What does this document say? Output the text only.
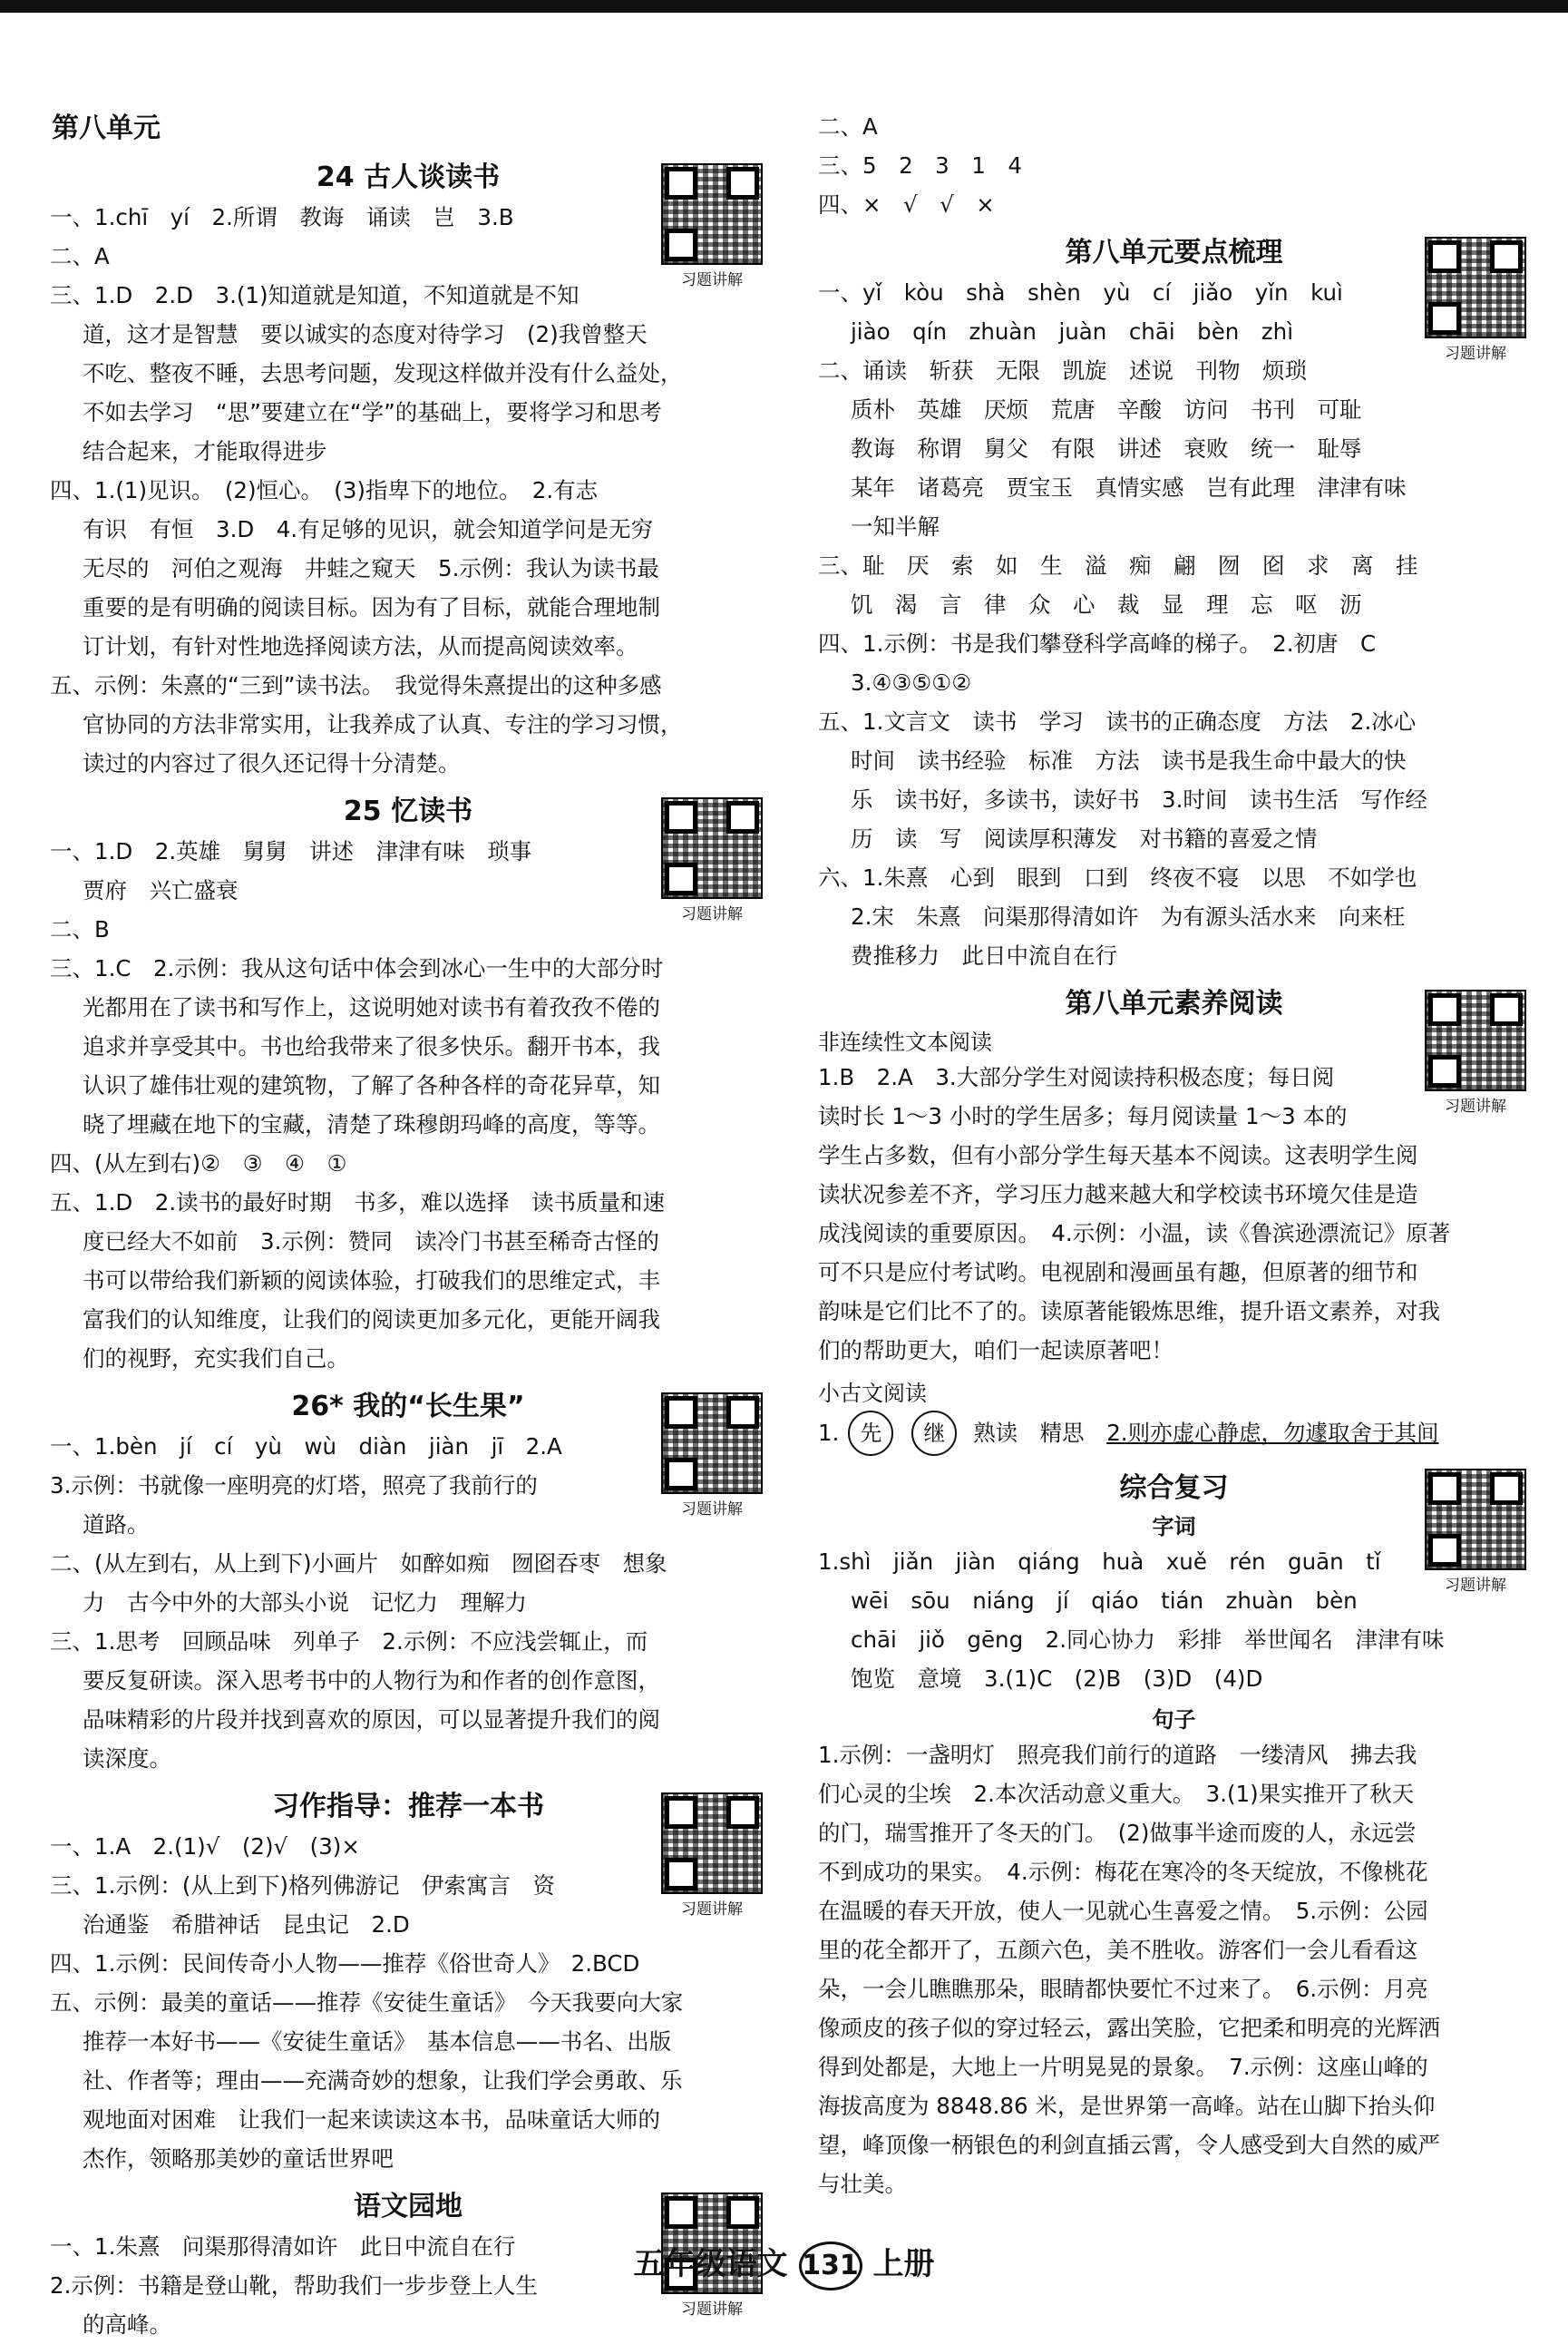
第八单元
24 古人谈读书
习题讲解

一、1.chī　yí　2.所谓　教诲　诵读　岂　3.B

二、A

三、1.D　2.D　3.(1)知道就是知道，不知道就是不知

道，这才是智慧　要以诚实的态度对待学习　(2)我曾整天

不吃、整夜不睡，去思考问题，发现这样做并没有什么益处，

不如去学习　“思”要建立在“学”的基础上，要将学习和思考

结合起来，才能取得进步

四、1.(1)见识。　(2)恒心。　(3)指卑下的地位。　2.有志

有识　有恒　3.D　4.有足够的见识，就会知道学问是无穷

无尽的　河伯之观海　井蛙之窥天　5.示例：我认为读书最

重要的是有明确的阅读目标。因为有了目标，就能合理地制

订计划，有针对性地选择阅读方法，从而提高阅读效率。

五、示例：朱熹的“三到”读书法。　我觉得朱熹提出的这种多感

官协同的方法非常实用，让我养成了认真、专注的学习习惯，

读过的内容过了很久还记得十分清楚。

25 忆读书
习题讲解

一、1.D　2.英雄　舅舅　讲述　津津有味　琐事

贾府　兴亡盛衰

二、B

三、1.C　2.示例：我从这句话中体会到冰心一生中的大部分时

光都用在了读书和写作上，这说明她对读书有着孜孜不倦的

追求并享受其中。书也给我带来了很多快乐。翻开书本，我

认识了雄伟壮观的建筑物，了解了各种各样的奇花异草，知

晓了埋藏在地下的宝藏，清楚了珠穆朗玛峰的高度，等等。

四、(从左到右)②　③　④　①

五、1.D　2.读书的最好时期　书多，难以选择　读书质量和速

度已经大不如前　3.示例：赞同　读冷门书甚至稀奇古怪的

书可以带给我们新颖的阅读体验，打破我们的思维定式，丰

富我们的认知维度，让我们的阅读更加多元化，更能开阔我

们的视野，充实我们自己。

26* 我的“长生果”
习题讲解

一、1.bèn　jí　cí　yù　wù　diàn　jiàn　jī　2.A

3.示例：书就像一座明亮的灯塔，照亮了我前行的

道路。

二、(从左到右，从上到下)小画片　如醉如痴　囫囵吞枣　想象

力　古今中外的大部头小说　记忆力　理解力

三、1.思考　回顾品味　列单子　2.示例：不应浅尝辄止，而

要反复研读。深入思考书中的人物行为和作者的创作意图，

品味精彩的片段并找到喜欢的原因，可以显著提升我们的阅

读深度。

习作指导：推荐一本书
习题讲解

一、1.A　2.(1)√　(2)√　(3)×

三、1.示例：(从上到下)格列佛游记　伊索寓言　资

治通鉴　希腊神话　昆虫记　2.D

四、1.示例：民间传奇小人物——推荐《俗世奇人》　2.BCD

五、示例：最美的童话——推荐《安徒生童话》　今天我要向大家

推荐一本好书——《安徒生童话》　基本信息——书名、出版

社、作者等；理由——充满奇妙的想象，让我们学会勇敢、乐

观地面对困难　让我们一起来读读这本书，品味童话大师的

杰作，领略那美妙的童话世界吧

语文园地
习题讲解

一、1.朱熹　问渠那得清如许　此日中流自在行

2.示例：书籍是登山靴，帮助我们一步步登上人生

的高峰。

二、A

三、5　2　3　1　4

四、×　√　√　×

第八单元要点梳理
习题讲解

一、yǐ　kòu　shà　shèn　yù　cí　jiǎo　yǐn　kuì

jiào　qín　zhuàn　juàn　chāi　bèn　zhì

二、诵读　斩获　无限　凯旋　述说　刊物　烦琐

质朴　英雄　厌烦　荒唐　辛酸　访问　书刊　可耻

教诲　称谓　舅父　有限　讲述　衰败　统一　耻辱

某年　诸葛亮　贾宝玉　真情实感　岂有此理　津津有味

一知半解

三、耻　厌　索　如　生　溢　痴　翩　囫　囵　求　离　挂

饥　渴　言　律　众　心　裁　显　理　忘　呕　沥

四、1.示例：书是我们攀登科学高峰的梯子。　2.初唐　C

3.④③⑤①②

五、1.文言文　读书　学习　读书的正确态度　方法　2.冰心

时间　读书经验　标准　方法　读书是我生命中最大的快

乐　读书好，多读书，读好书　3.时间　读书生活　写作经

历　读　写　阅读厚积薄发　对书籍的喜爱之情

六、1.朱熹　心到　眼到　口到　终夜不寝　以思　不如学也

2.宋　朱熹　问渠那得清如许　为有源头活水来　向来枉

费推移力　此日中流自在行

第八单元素养阅读
习题讲解
非连续性文本阅读

1.B　2.A　3.大部分学生对阅读持积极态度；每日阅

读时长 1～3 小时的学生居多；每月阅读量 1～3 本的

学生占多数，但有小部分学生每天基本不阅读。这表明学生阅

读状况参差不齐，学习压力越来越大和学校读书环境欠佳是造

成浅阅读的重要原因。　4.示例：小温，读《鲁滨逊漂流记》原著

可不只是应付考试哟。电视剧和漫画虽有趣，但原著的细节和

韵味是它们比不了的。读原著能锻炼思维，提升语文素养，对我

们的帮助更大，咱们一起读原著吧！

小古文阅读

1. 先 继 熟读　精思　 2.则亦虚心静虑，勿遽取舍于其间

综合复习
习题讲解
字词

1.shì　jiǎn　jiàn　qiáng　huà　xuě　rén　guān　tǐ

wēi　sōu　niáng　jí　qiáo　tián　zhuàn　bèn

chāi　jiǒ　gēng　2.同心协力　彩排　举世闻名　津津有味

饱览　意境　3.(1)C　(2)B　(3)D　(4)D

句子

1.示例：一盏明灯　照亮我们前行的道路　一缕清风　拂去我

们心灵的尘埃　2.本次活动意义重大。　3.(1)果实推开了秋天

的门，瑞雪推开了冬天的门。　(2)做事半途而废的人，永远尝

不到成功的果实。　4.示例：梅花在寒冷的冬天绽放，不像桃花

在温暖的春天开放，使人一见就心生喜爱之情。　5.示例：公园

里的花全都开了，五颜六色，美不胜收。游客们一会儿看看这

朵，一会儿瞧瞧那朵，眼睛都快要忙不过来了。　6.示例：月亮

像顽皮的孩子似的穿过轻云，露出笑脸，它把柔和明亮的光辉洒

得到处都是，大地上一片明晃晃的景象。　7.示例：这座山峰的

海拔高度为 8848.86 米，是世界第一高峰。站在山脚下抬头仰

望，峰顶像一柄银色的利剑直插云霄，令人感受到大自然的威严

与壮美。

五年级语文 131 上册
